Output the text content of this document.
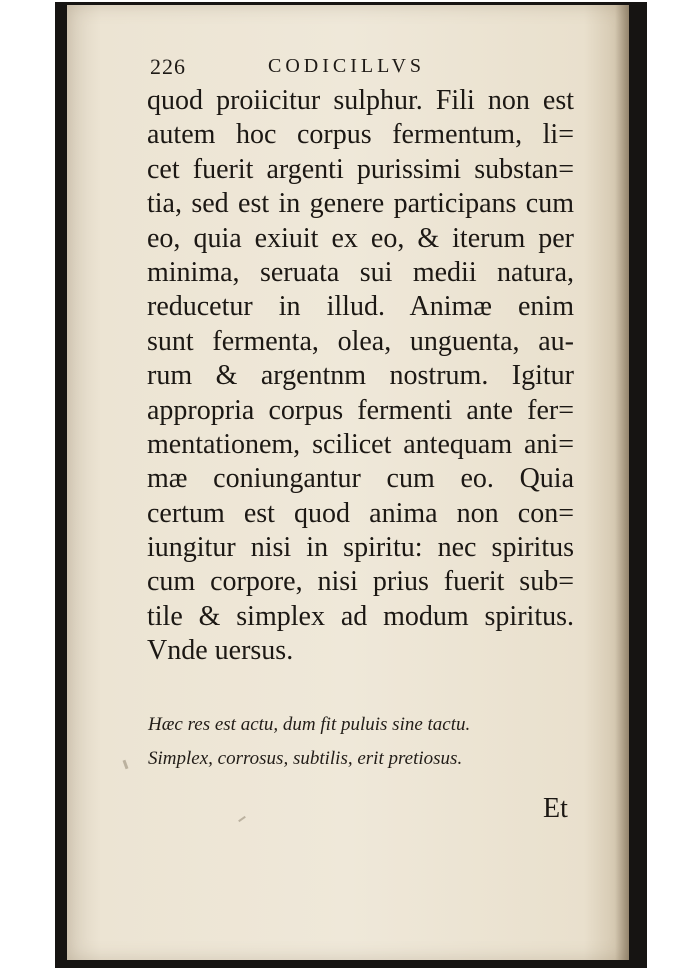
226	CODICILLVS
quod proiicitur sulphur. Fili non est
autem hoc corpus fermentum, li=
cet fuerit argenti purissimi substan=
tia, sed est in genere participans cum
eo, quia exiuit ex eo, & iterum per
minima, seruata sui medii natura,
reducetur in illud. Animæ enim
sunt fermenta, olea, unguenta, au-
rum & argentnm nostrum. Igitur
appropria corpus fermenti ante fer=
mentationem, scilicet antequam ani=
mæ coniungantur cum eo. Quia
certum est quod anima non con=
iungitur nisi in spiritu: nec spiritus
cum corpore, nisi prius fuerit sub=
tile & simplex ad modum spiritus.
Vnde uersus.
Hæc res est actu, dum fit puluis sine tactu.
Simplex, corrosus, subtilis, erit pretiosus.
Et
